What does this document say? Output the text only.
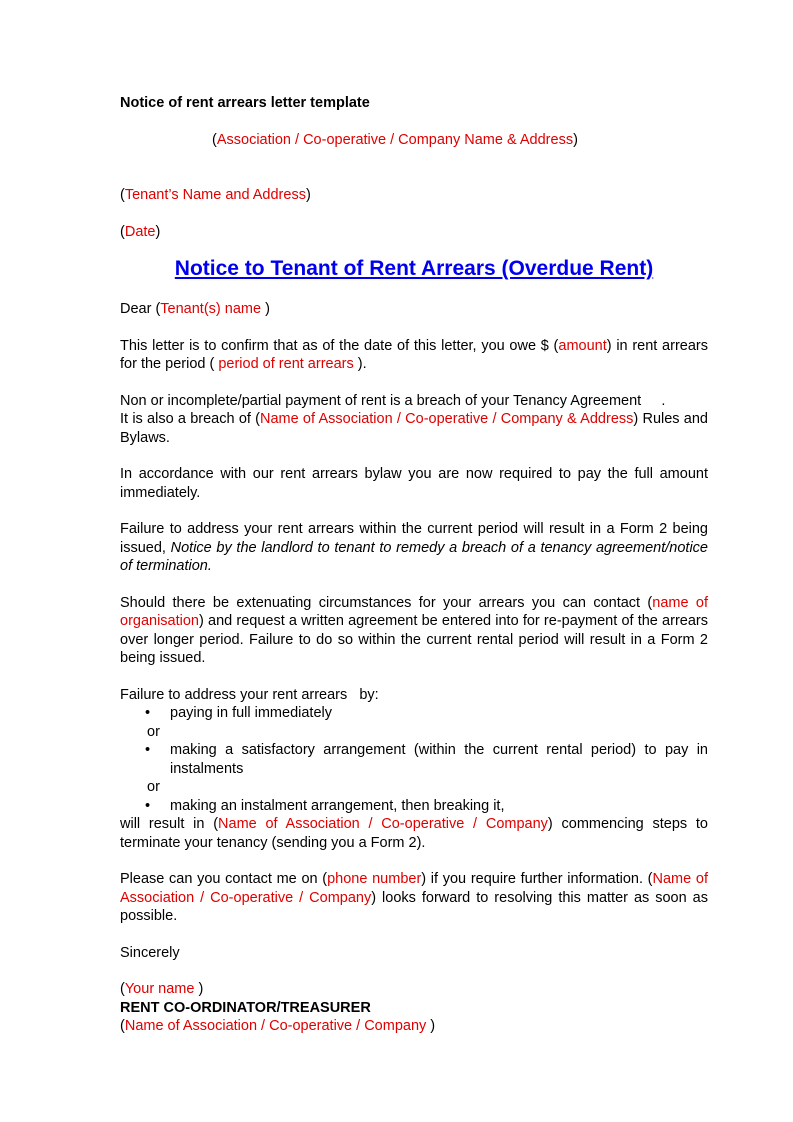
Notice of rent arrears letter template

(Association / Co-operative / Company Name & Address)

(Tenant’s Name and Address)

(Date)

Notice to Tenant of Rent Arrears (Overdue Rent)

Dear (Tenant(s) name )

This letter is to confirm that as of the date of this letter, you owe $ (amount) in rent arrears for the period ( period of rent arrears ).

Non or incomplete/partial payment of rent is a breach of your Tenancy Agreement     .

It is also a breach of (Name of Association / Co-operative / Company & Address) Rules and Bylaws.

In accordance with our rent arrears bylaw you are now required to pay the full amount immediately.

Failure to address your rent arrears within the current period will result in a Form 2 being issued, Notice by the landlord to tenant to remedy a breach of a tenancy agreement/notice of termination.

Should there be extenuating circumstances for your arrears you can contact (name of organisation) and request a written agreement be entered into for re-payment of the arrears over longer period. Failure to do so within the current rental period will result in a Form 2 being issued.

Failure to address your rent arrears   by:

• paying in full immediately

or

• making a satisfactory arrangement (within the current rental period) to pay in instalments

or

• making an instalment arrangement, then breaking it,

will result in (Name of Association / Co-operative / Company) commencing steps to terminate your tenancy (sending you a Form 2).

Please can you contact me on (phone number) if you require further information. (Name of Association / Co-operative / Company) looks forward to resolving this matter as soon as possible.

Sincerely

(Your name )

RENT CO-ORDINATOR/TREASURER

(Name of Association / Co-operative / Company )
